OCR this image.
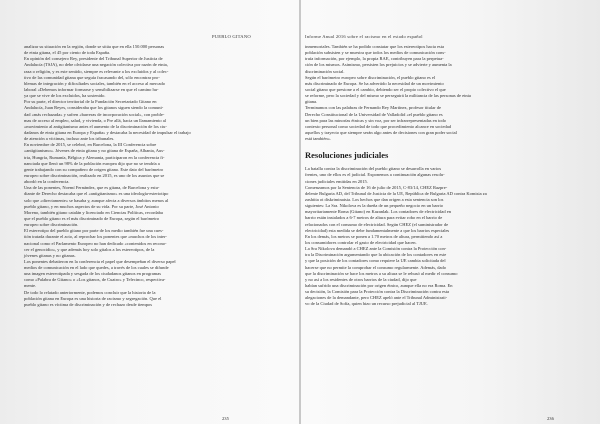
PUEBLO GITANO
analizar su situación en la región, donde se sitúa que en ella 150.000 personas
de etnia gitana, el 45 por ciento de toda España.
En opinión del consejero Rey, presidente del Tribunal Superior de Justicia de
Andalucía (TSJA), no debe olvidarse una negación colectiva por razón de etnia,
raza o religión, y es este sentido, siempre es relevante a los excluidos y al colec-
tivo de las comunidad gitana que seguía fracasando del, sólo encontrar pro-
blemas de integración y dificultades sociales, también en el acceso al mercado
laboral «Debemos informar formarse y sensibilizarse en que el camino hu-
ya que se vive de los excluidos, ha sostenido.
Por su parte, el director territorial de la Fundación Secretariado Gitano en
Andalucía, Juan Reyes, consideraba que los gitanos siguen siendo la comuni-
dad «más rechazada» y sufren «barreras de incorporación social», con proble-
mas de acceso al empleo, salud, y vivienda, o Pre allá, hacia un llamamiento al
«movimiento al antigitanismo antes el aumento de la discriminación de los ciu-
dadanos de etnia gitana en Europa y España» y destacaba la necesidad de impulsar el trabajo
de atención a víctimas, incluso ante los tribunales.
En noviembre de 2015, se celebró, en Barcelona, la III Conferencia sobre
«antigitanismo». Jóvenes de etnia gitana y no gitana de España, Albania, Aus-
tria, Hungría, Rumanía, Bélgica y Alemania, participaron en la conferencia fi-
nanciada que llenó un 98% de la población europea dijo que no se tendría a
gente trabajando con su compañero de origen gitano. Este dato del barómetro
europeo sobre discriminación, realizado en 2015, es uno de los asuntos que se
abordó en la conferencia.
Una de las ponentes, Noemí Fernández, que es gitana, de Barcelona y estu-
diante de Derecho destacaba que el «antigitanismo» es una ideología-esteriotipo
solo que «directamente» se basaba y, aunque afecta a diversos ámbitos menos al
pueblo gitano, y en muchos aspectos de su vida. Por su parte, José Antonio
Moreno, también gitano catalán y licenciado en Ciencias Políticas, recordaba
que el pueblo gitano es el más discriminado de Europa, según el barómetro
europeo sobre discriminación.
El estereotipo del pueblo gitano por parte de los medio también fue una cues-
tión tratada durante el acto, al reprochar los ponentes que «muchos de los inter-
nacional como el Parlamento Europeo no han dedicado «contenidos en recono-
cer el genocidio», y que además hoy solo gitalos a los estereotipos, de la
jóvenes gitanas y no gitanas.
Los ponentes debatieron en la conferencia el papel que desempeñan el diverso papel
medios de comunicación en el lado que quedes, a través de los cuales se difunde
una imagen estereotipada y sesgada de los ciudadanos gitanos en programas
como «Palabra de Gitano» o «Los gitanos, de Cuatro» y Telecinco, respectiva-
mente.
De todo lo relatado anteriormente, podemos concluir que la historia de la
población gitana en Europa es una historia de racismo y segregación. Que el
pueblo gitano es víctima de discriminación y de rechazo desde tiempos
235
Informe Anual 2016 sobre el racismo en el estado español
inmemoriales. También se ha podido constatar que los estereotipos hacia esta
población subsisten y se muestra que todos los medios de comunicación cons-
truía información, por ejemplo, la propia RAE, contribuyen para la perpetua-
ción de los mismos. Asimismo, persisten los prejuicios y se advierte y aumenta la
discriminación social.
Según el barómetro europeo sobre discriminación, el pueblo gitano es el
más discriminado de Europa. Se ha advertido la necesidad de un movimiento
social gitano que presione a el cambio, debiendo ser el propio colectivo el que
se reforme, pero la sociedad y del mismo se perseguirá la militancia de las personas de etnia
gitana.
Terminamos con las palabras de Fernando Rey Martínez, profesor titular de
Derecho Constitucional de la Universidad de Valladolid «el pueblo gitano es
un bien para las minorías étnicas y sin voz, por ser infrarrepresentadas en todo
contexto personal como sociedad de todo que procedimiento alcance en sociedad
aquellos y trayecto que siempre serán algo antes de decisiones con gran poder social
está también».
Resoluciones judiciales
La batalla contra la discriminación del pueblo gitano se desarrolla en varios
frentes, uno de ellos es el judicial. Exponemos a continuación algunas resolu-
ciones judiciales emitidas en 2015.
Comenzamos por la Sentencia de 16 de julio de 2015, C-83/14, CHEZ Razpre-
delenie Bulgaria AD, del Tribunal de Justicia de la UE, República de Bulgaria AD contra Komisia za
zashtita ot diskriminatsia. Los hechos que dan origen a esta sentencia son los
siguientes: La Sra. Nikolova es la dueña de un pequeño negocio en un barrio
mayoritariamente Roma (Gitano) en Kazanlak. Los contadores de electricidad en
barrio están instalados a 6-7 metros de altura para evitar robo en el barrio de
relacionados con el consumo de electricidad. Según CHEZ (el suministrador de
electricidad) esta medida se debe fundamentalmente a que los barrios especiales
En los demás, los metros se ponen a 1.70 metros de altura, permitiendo así a
los consumidores controlar el gasto de electricidad que hacen.
La Sra Nikolova demandó a CHEZ ante la Comisión contra la Protección con-
tra la Discriminación argumentando que la ubicación de los contadores en este
y que la posición de los contadores como requiere la UE cambia solicitada del
hacerse que no permite la comprobar el consumo regularmente. Además, dado
que la discriminación se hace los metros a su altura se le rehusó al medir el consumo
y no así a los residentes de otros barrios de la ciudad, dijo que
habían sufrido una discriminación por origen étnico, aunque ella no era Roma. En
su decisión, la Comisión para la Protección contra la Discriminación contra esta
alegaciones de la demandante, pero CHEZ apeló ante el Tribunal Administrati-
vo de la Ciudad de Sofía, quien hizo un recurso prejudicial al TJUE.
236
